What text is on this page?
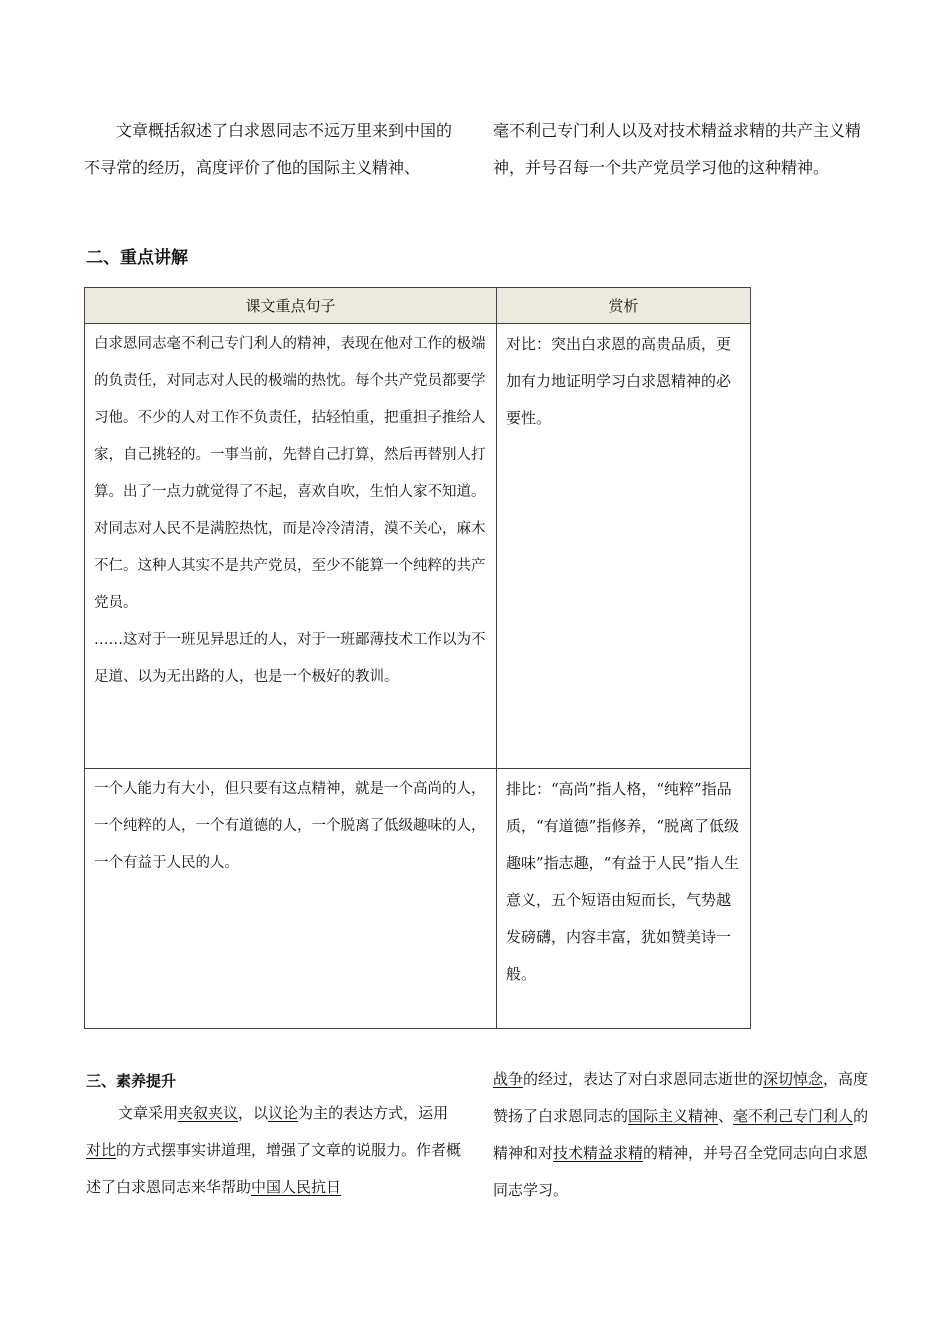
文章概括叙述了白求恩同志不远万里来到中国的不寻常的经历，高度评价了他的国际主义精神、
毫不利己专门利人以及对技术精益求精的共产主义精神，并号召每一个共产党员学习他的这种精神。
二、重点讲解
课文重点句子	赏析

白求恩同志毫不利己专门利人的精神，表现在他对工作的极端的负责任，对同志对人民的极端的热忱。每个共产党员都要学习他。不少的人对工作不负责任，拈轻怕重，把重担子推给人家，自己挑轻的。一事当前，先替自己打算，然后再替别人打算。出了一点力就觉得了不起，喜欢自吹，生怕人家不知道。对同志对人民不是满腔热忱，而是冷冷清清，漠不关心，麻木不仁。这种人其实不是共产党员，至少不能算一个纯粹的共产党员。
……这对于一班见异思迁的人，对于一班鄙薄技术工作以为不足道、以为无出路的人，也是一个极好的教训。	对比：突出白求恩的高贵品质，更加有力地证明学习白求恩精神的必要性。

一个人能力有大小，但只要有这点精神，就是一个高尚的人，一个纯粹的人，一个有道德的人，一个脱离了低级趣味的人，一个有益于人民的人。	排比：“高尚”指人格，“纯粹”指品质，“有道德”指修养，“脱离了低级趣味”指志趣，“有益于人民”指人生意义，五个短语由短而长，气势越发磅礴，内容丰富，犹如赞美诗一般。
三、素养提升
文章采用夹叙夹议，以议论为主的表达方式，运用对比的方式摆事实讲道理，增强了文章的说服力。作者概述了白求恩同志来华帮助中国人民抗日
战争的经过，表达了对白求恩同志逝世的深切悼念，高度赞扬了白求恩同志的国际主义精神、毫不利己专门利人的精神和对技术精益求精的精神，并号召全党同志向白求恩同志学习。
